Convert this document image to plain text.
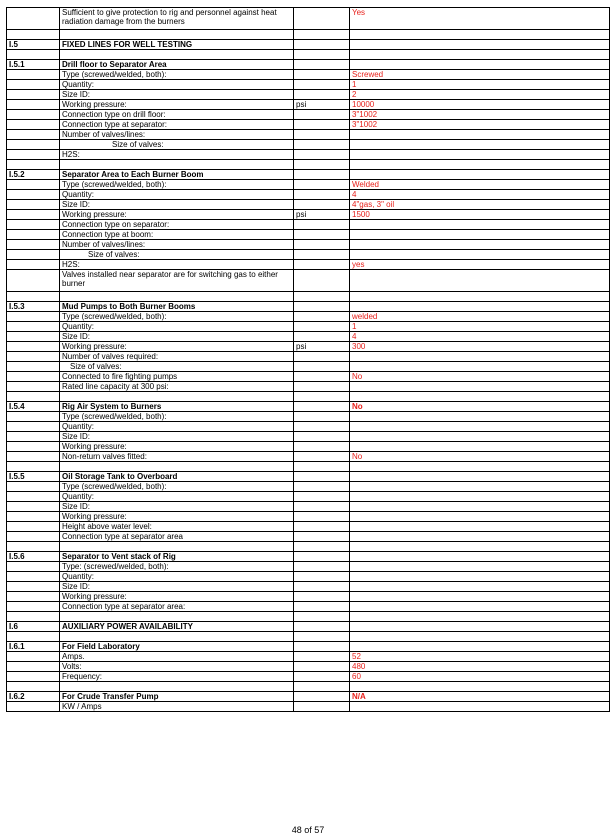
	Sufficient to give protection to rig and personnel against heat radiation damage from the burners		Yes

I.5	FIXED LINES FOR WELL TESTING		

I.5.1	Drill floor to Separator Area		
	Type (screwed/welded, both):		Screwed
	Quantity:		1
	Size ID:		2
	Working pressure:	psi	10000
	Connection type on drill floor:		3"1002
	Connection type at separator:		3"1002
	Number of valves/lines:		
	Size of valves:		
	H2S:		

I.5.2	Separator Area to Each Burner Boom		
	Type (screwed/welded, both):		Welded
	Quantity:		4
	Size ID:		4"gas, 3" oil
	Working pressure:	psi	1500
	Connection type on separator:		
	Connection type at boom:		
	Number of valves/lines:		
	Size of valves:		
	H2S:		yes
	Valves installed near separator are for switching gas to either burner		

I.5.3	Mud Pumps to Both Burner Booms		
	Type (screwed/welded, both):		welded
	Quantity:		1
	Size ID:		4
	Working pressure:	psi	300
	Number of valves required:		
	Size of valves:		
	Connected to fire fighting pumps		No
	Rated line capacity at 300 psi:		

I.5.4	Rig Air System to Burners		No
	Type (screwed/welded, both):		
	Quantity:		
	Size ID:		
	Working pressure:		
	Non-return valves fitted:		No

I.5.5	Oil Storage Tank to Overboard		
	Type (screwed/welded, both):		
	Quantity:		
	Size ID:		
	Working pressure:		
	Height above water level:		
	Connection type at separator area		

I.5.6	Separator to Vent stack of Rig		
	Type: (screwed/welded, both):		
	Quantity:		
	Size ID:		
	Working pressure:		
	Connection type at separator area:		

I.6	AUXILIARY POWER AVAILABILITY		

I.6.1	For Field Laboratory		
	Amps.		52
	Volts:		480
	Frequency:		60

I.6.2	For Crude Transfer Pump		N/A
	KW / Amps		
48 of 57
